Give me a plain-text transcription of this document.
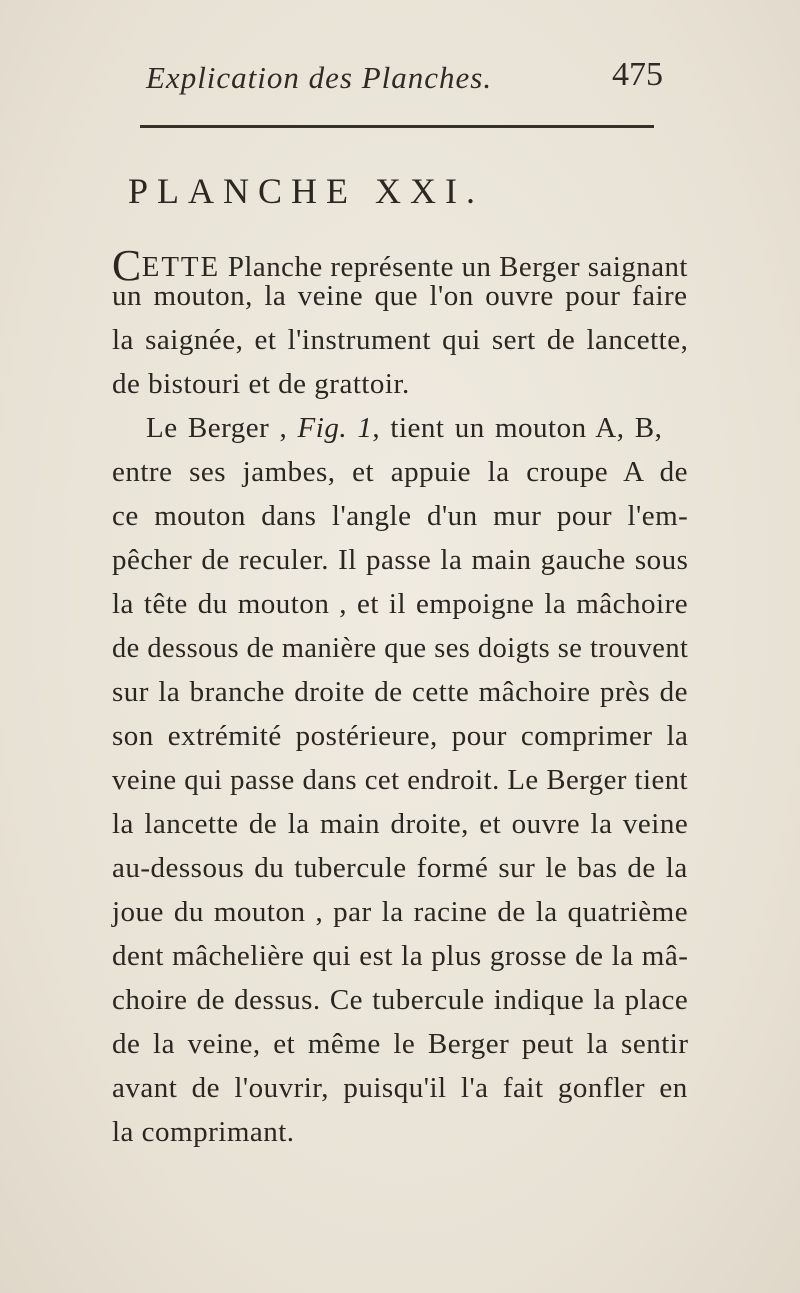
Explication des Planches.	475
PLANCHE XXI.
CETTE Planche représente un Berger saignant
un mouton, la veine que l'on ouvre pour faire
la saignée, et l'instrument qui sert de lancette,
de bistouri et de grattoir.
Le Berger , Fig. 1, tient un mouton A, B,
entre ses jambes, et appuie la croupe A de
ce mouton dans l'angle d'un mur pour l'em-
pêcher de reculer. Il passe la main gauche sous
la tête du mouton , et il empoigne la mâchoire
de dessous de manière que ses doigts se trouvent
sur la branche droite de cette mâchoire près de
son extrémité postérieure, pour comprimer la
veine qui passe dans cet endroit. Le Berger tient
la lancette de la main droite, et ouvre la veine
au-dessous du tubercule formé sur le bas de la
joue du mouton , par la racine de la quatrième
dent mâchelière qui est la plus grosse de la mâ-
choire de dessus. Ce tubercule indique la place
de la veine, et même le Berger peut la sentir
avant de l'ouvrir, puisqu'il l'a fait gonfler en
la comprimant.
